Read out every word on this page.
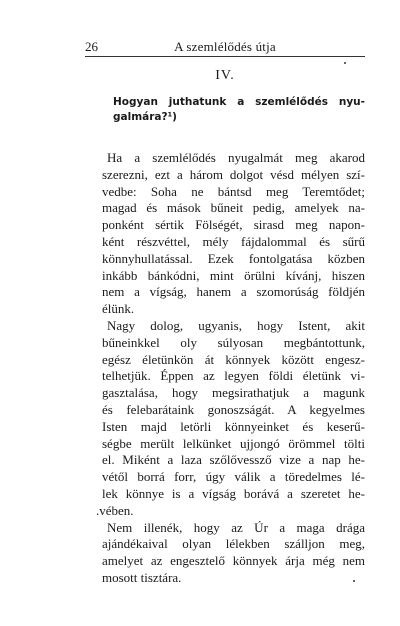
26	A szemlélődés útja
IV.
Hogyan juthatunk a szemlélődés nyu-
galmára?¹)
Ha a szemlélődés nyugalmát meg akarod
szerezni, ezt a három dolgot vésd mélyen szí-
vedbe: Soha ne bántsd meg Teremtődet;
magad és mások bűneit pedig, amelyek na-
ponként sértik Fölségét, sirasd meg napon-
ként részvéttel, mély fájdalommal és sűrű
könnyhullatással. Ezek fontolgatása közben
inkább bánkódni, mint örülni kívánj, hiszen
nem a vígság, hanem a szomorúság földjén
élünk.
Nagy dolog, ugyanis, hogy Istent, akit
bűneinkkel oly súlyosan megbántottunk,
egész életünkön át könnyek között engesz-
telhetjük. Éppen az legyen földi életünk vi-
gasztalása, hogy megsirathatjuk a magunk
és felebarátaink gonoszságát. A kegyelmes
Isten majd letörli könnyeinket és keserű-
ségbe merült lelkünket ujjongó örömmel tölti
el. Miként a laza szőlővessző vize a nap he-
vétől borrá forr, úgy válik a töredelmes lé-
lek könnye is a vígság borává a szeretet he-
.vében.
Nem illenék, hogy az Úr a maga drága
ajándékaival olyan lélekben szálljon meg,
amelyet az engesztelő könnyek árja még nem
mosott tisztára.
